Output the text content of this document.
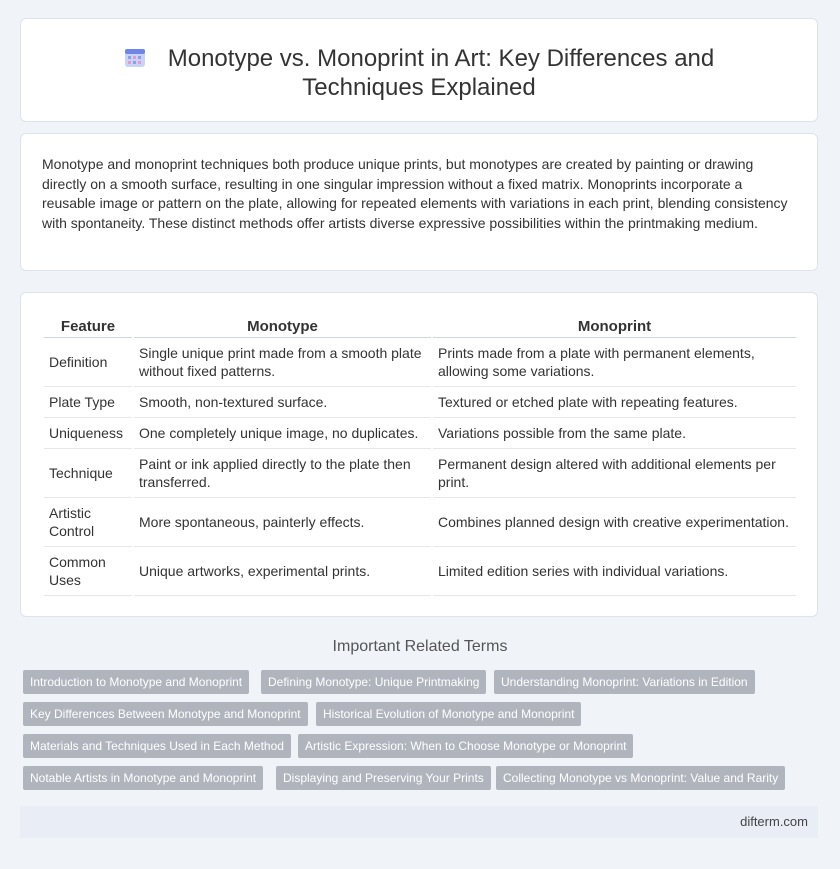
Monotype vs. Monoprint in Art: Key Differences and Techniques Explained

Monotype and monoprint techniques both produce unique prints, but monotypes are created by painting or drawing directly on a smooth surface, resulting in one singular impression without a fixed matrix. Monoprints incorporate a reusable image or pattern on the plate, allowing for repeated elements with variations in each print, blending consistency with spontaneity. These distinct methods offer artists diverse expressive possibilities within the printmaking medium.

Feature	Monotype	Monoprint
Definition	Single unique print made from a smooth plate without fixed patterns.	Prints made from a plate with permanent elements, allowing some variations.
Plate Type	Smooth, non-textured surface.	Textured or etched plate with repeating features.
Uniqueness	One completely unique image, no duplicates.	Variations possible from the same plate.
Technique	Paint or ink applied directly to the plate then transferred.	Permanent design altered with additional elements per print.
Artistic Control	More spontaneous, painterly effects.	Combines planned design with creative experimentation.
Common Uses	Unique artworks, experimental prints.	Limited edition series with individual variations.
Important Related Terms
Introduction to Monotype and Monoprint	Defining Monotype: Unique Printmaking	Understanding Monoprint: Variations in Edition
Key Differences Between Monotype and Monoprint	Historical Evolution of Monotype and Monoprint
Materials and Techniques Used in Each Method	Artistic Expression: When to Choose Monotype or Monoprint
Notable Artists in Monotype and Monoprint	Displaying and Preserving Your Prints	Collecting Monotype vs Monoprint: Value and Rarity
difterm.com
